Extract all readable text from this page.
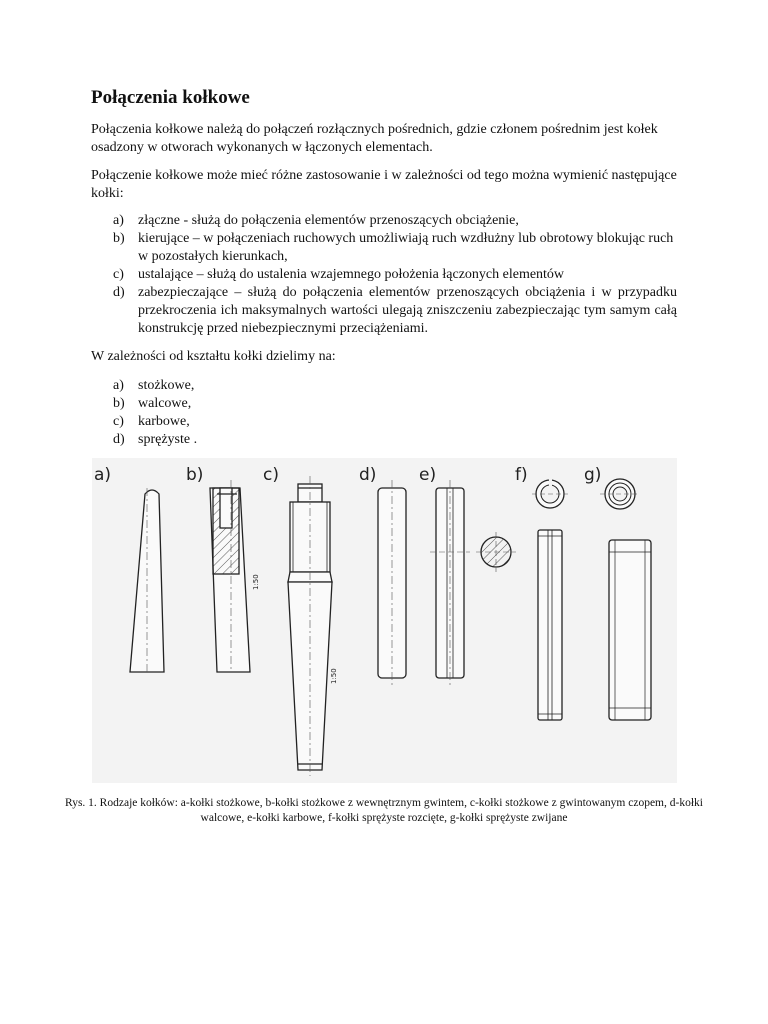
Połączenia kołkowe

Połączenia kołkowe należą do połączeń rozłącznych pośrednich, gdzie członem pośrednim jest kołek osadzony w otworach wykonanych w łączonych elementach.

Połączenie kołkowe może mieć różne zastosowanie i w zależności od tego można wymienić następujące kołki:

a) złączne - służą do połączenia elementów przenoszących obciążenie,
b) kierujące – w połączeniach ruchowych umożliwiają ruch wzdłużny lub obrotowy blokując ruch w pozostałych kierunkach,
c) ustalające – służą do ustalenia wzajemnego położenia łączonych elementów
d) zabezpieczające – służą do połączenia elementów przenoszących obciążenia i w przypadku przekroczenia ich maksymalnych wartości ulegają zniszczeniu zabezpieczając tym samym całą konstrukcję przed niebezpiecznymi przeciążeniami.

W zależności od kształtu kołki dzielimy na:

a) stożkowe,
b) walcowe,
c) karbowe,
d) sprężyste .
a)	b)	c)	d)	e)	f)	g)
1:50
1:50

Rys. 1. Rodzaje kołków: a-kołki stożkowe, b-kołki stożkowe z wewnętrznym gwintem, c-kołki stożkowe z gwintowanym czopem, d-kołki walcowe, e-kołki karbowe, f-kołki sprężyste rozcięte, g-kołki sprężyste zwijane
